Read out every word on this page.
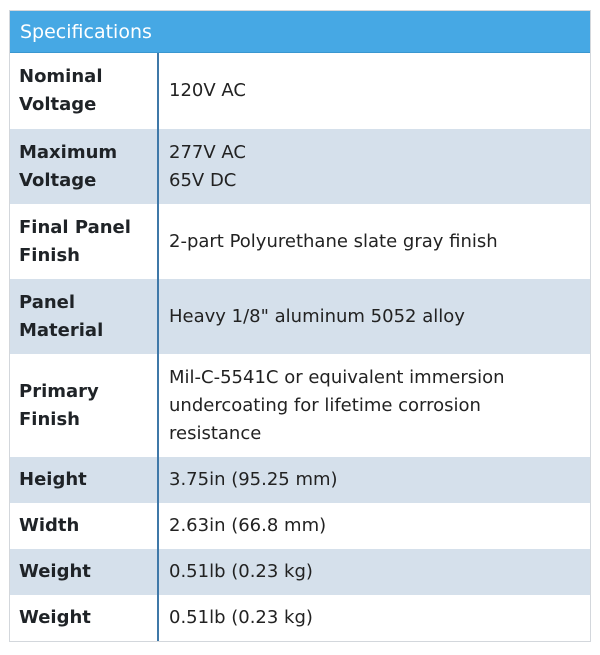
Specifications
Nominal
Voltage	120V AC

Maximum
Voltage	277V AC
65V DC

Final Panel
Finish	2-part Polyurethane slate gray finish

Panel
Material	Heavy 1/8" aluminum 5052 alloy

Primary
Finish	Mil-C-5541C or equivalent immersion
undercoating for lifetime corrosion
resistance

Height	3.75in (95.25 mm)

Width	2.63in (66.8 mm)

Weight	0.51lb (0.23 kg)

Weight	0.51lb (0.23 kg)
